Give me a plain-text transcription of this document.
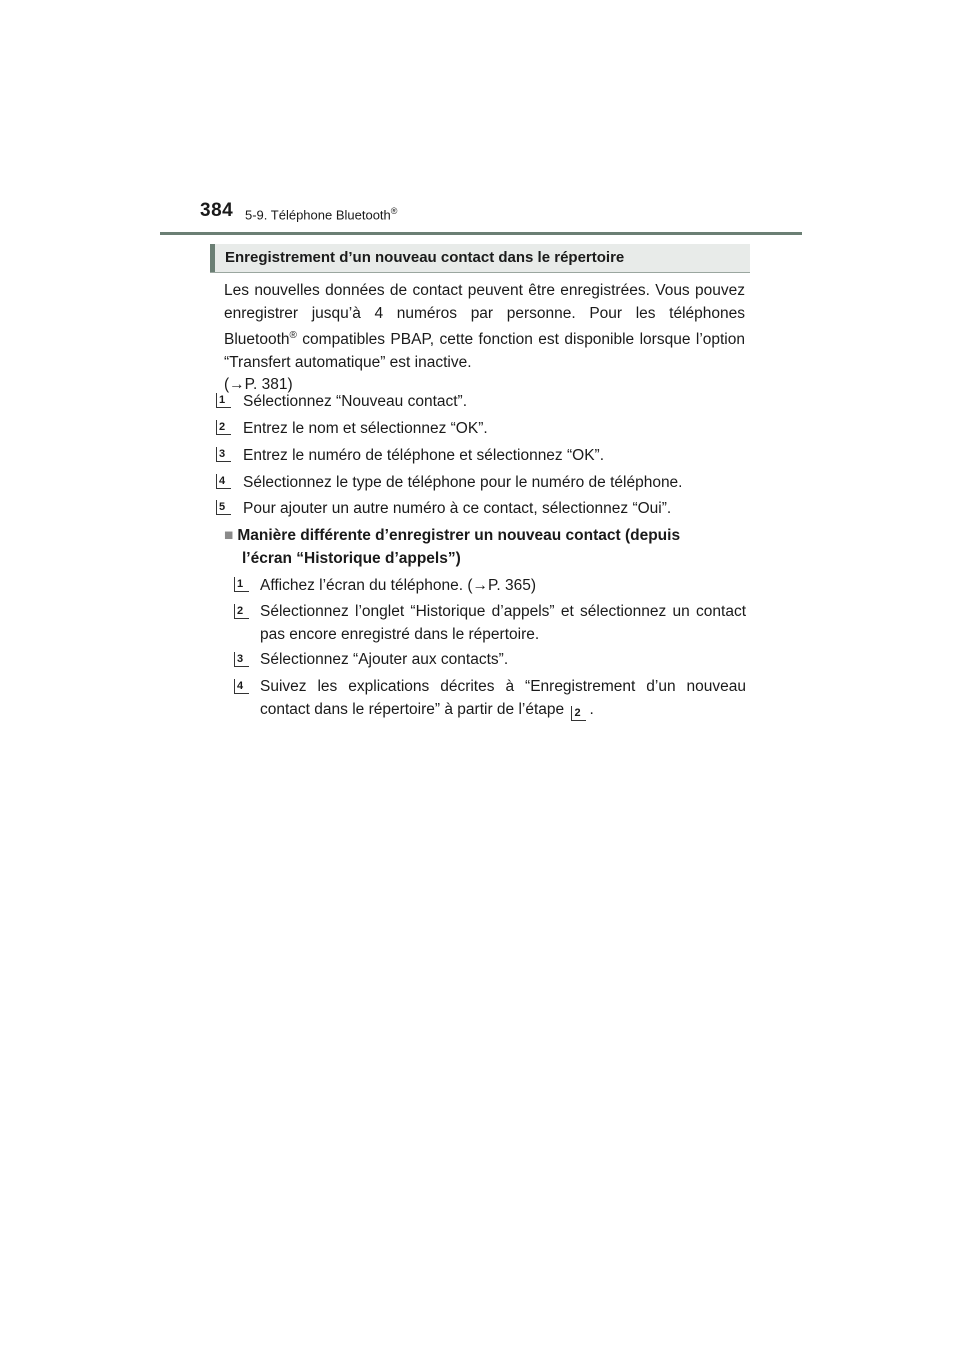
384 5-9. Téléphone Bluetooth®
Enregistrement d’un nouveau contact dans le répertoire
Les nouvelles données de contact peuvent être enregistrées. Vous pouvez enregistrer jusqu’à 4 numéros par personne. Pour les téléphones Bluetooth® compatibles PBAP, cette fonction est disponible lorsque l’option “Transfert automatique” est inactive.
(→P. 381)
1	Sélectionnez “Nouveau contact”.
2	Entrez le nom et sélectionnez “OK”.
3	Entrez le numéro de téléphone et sélectionnez “OK”.
4	Sélectionnez le type de téléphone pour le numéro de téléphone.
5	Pour ajouter un autre numéro à ce contact, sélectionnez “Oui”.
■ Manière différente d’enregistrer un nouveau contact (depuis
l’écran “Historique d’appels”)
1	Affichez l’écran du téléphone. (→P. 365)
2	Sélectionnez l’onglet “Historique d’appels” et sélectionnez un contact pas encore enregistré dans le répertoire.
3	Sélectionnez “Ajouter aux contacts”.
4	Suivez les explications décrites à “Enregistrement d’un nouveau contact dans le répertoire” à partir de l’étape 2 .
